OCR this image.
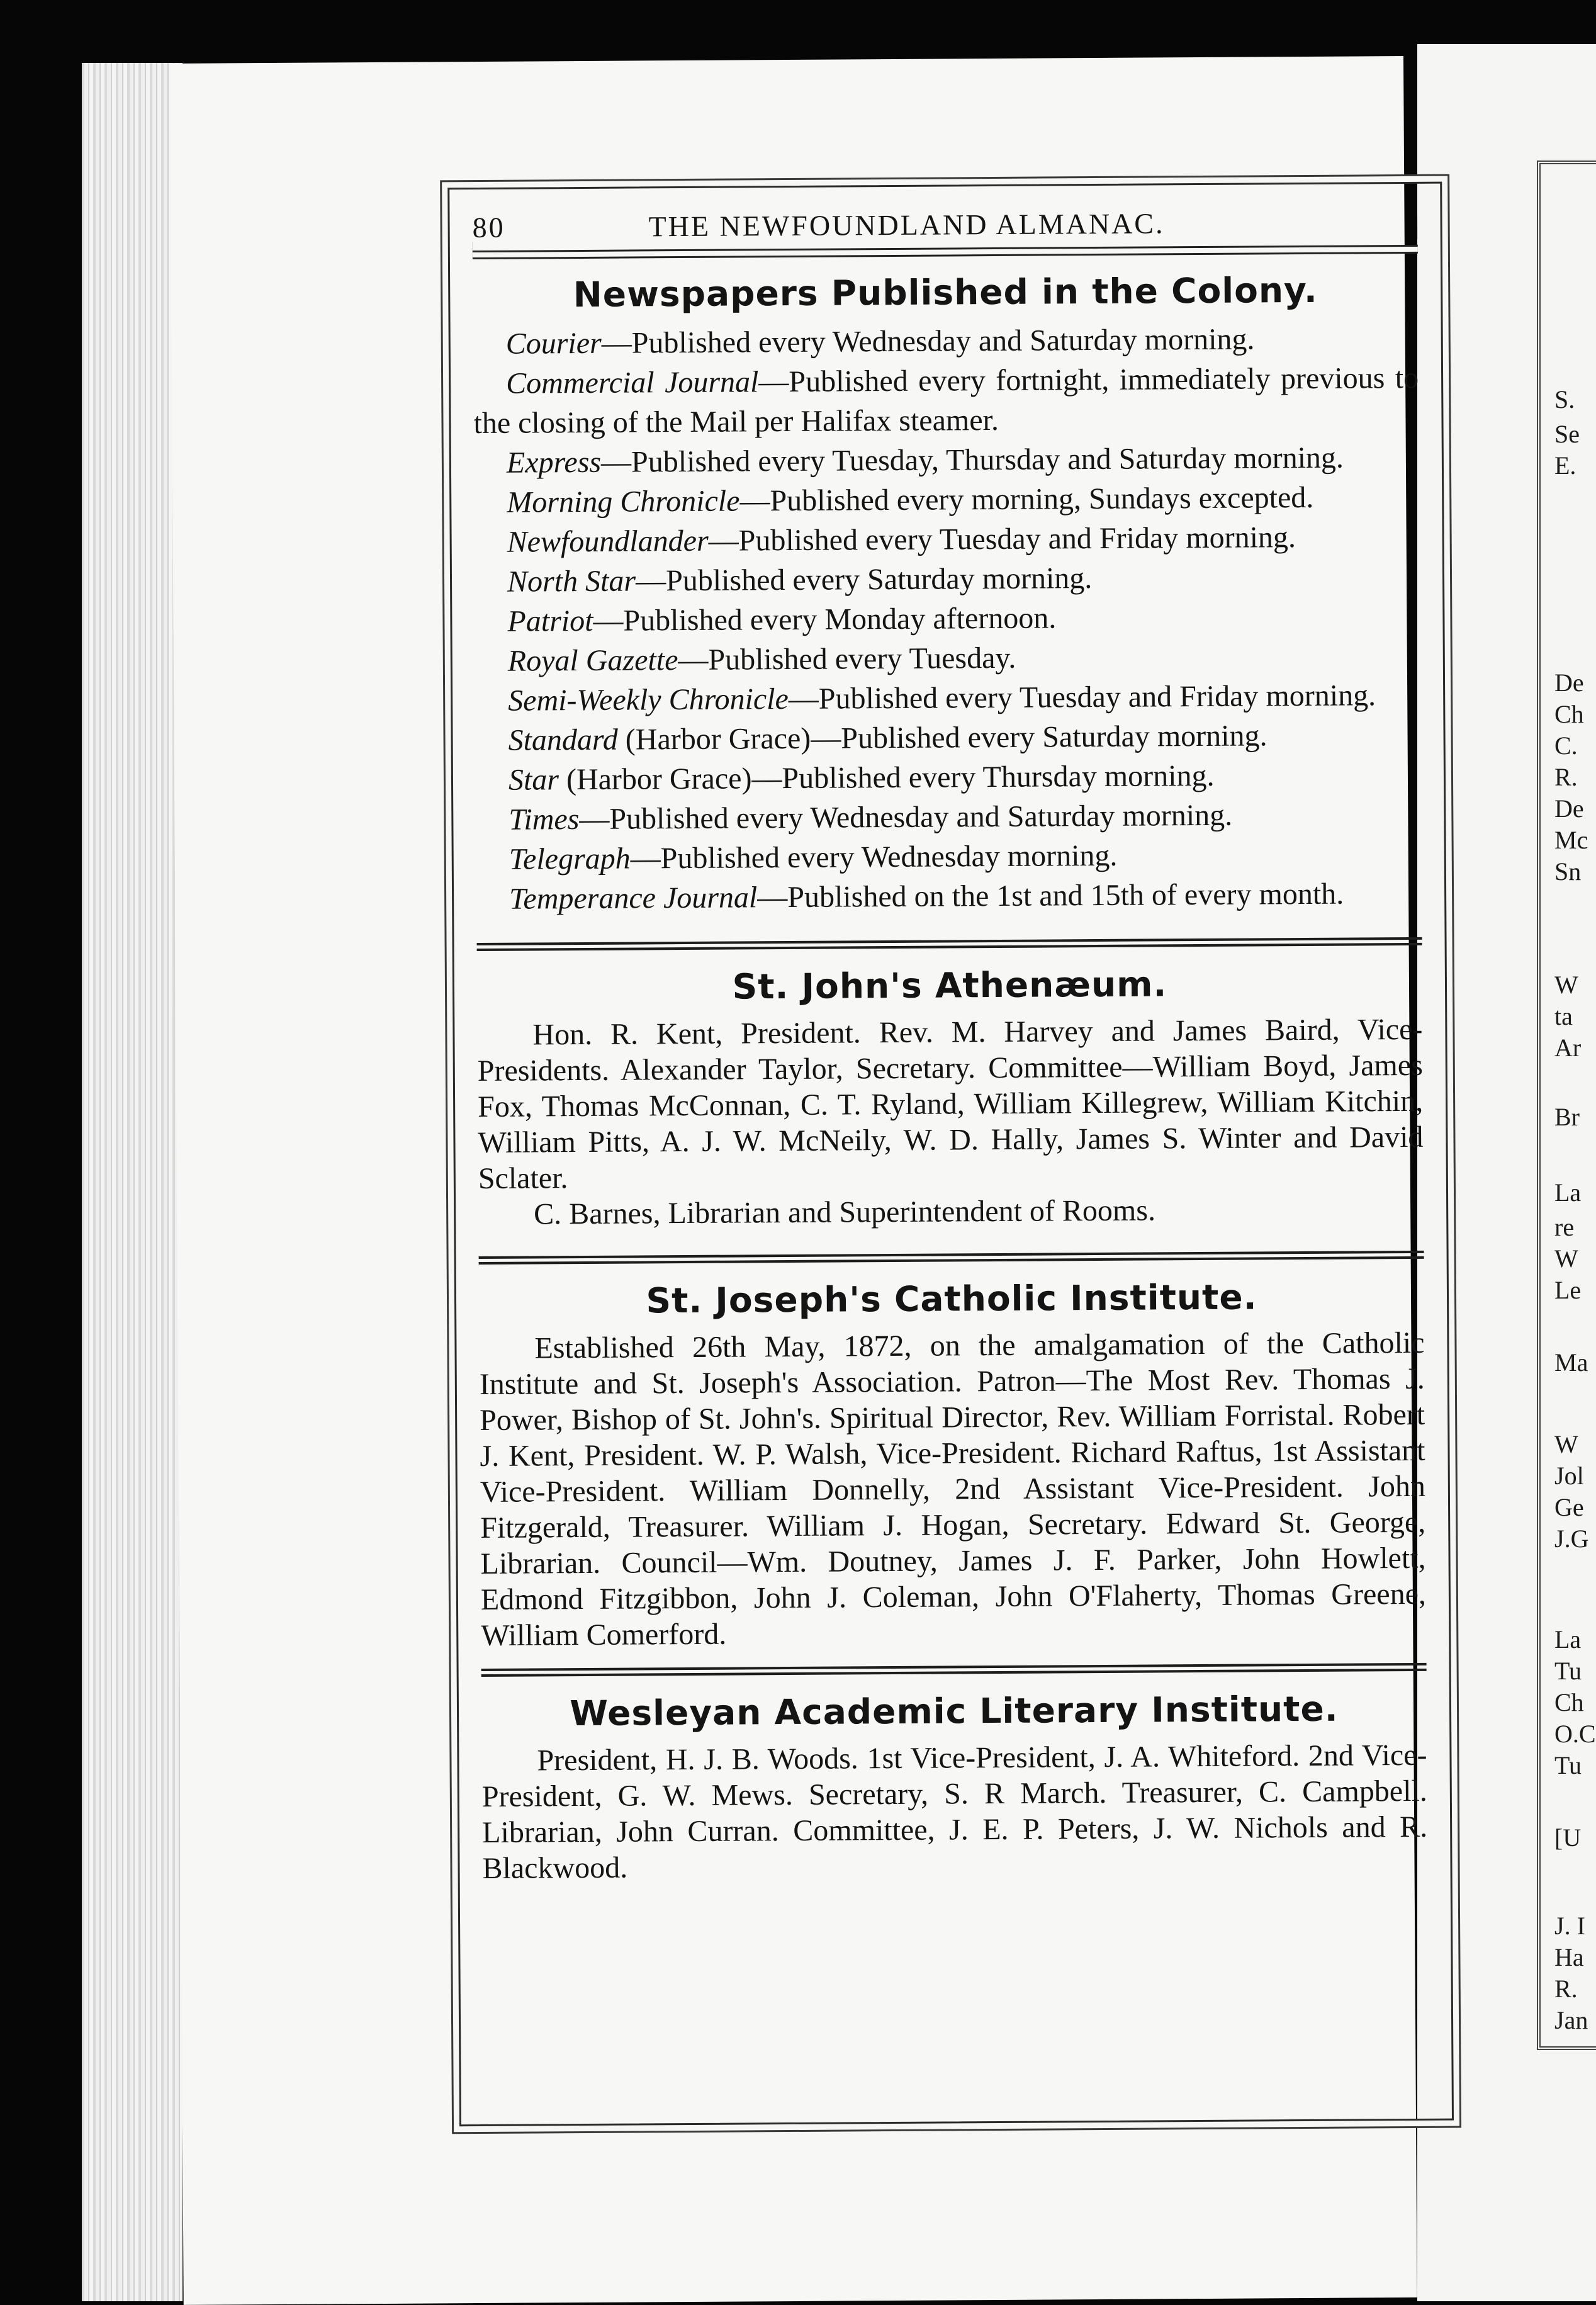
S.
Se
E.
De
Ch
C.
R.
De
Mc
Sn
W
ta
Ar
Br
La
re
W
Le
Ma
W
Jol
Ge
J.G
La
Tu
Ch
O.C
Tu
[U
J. I
Ha
R.
Jan
80	THE NEWFOUNDLAND ALMANAC.
Newspapers Published in the Colony.

Courier—Published every Wednesday and Saturday morning.

Commercial Journal—Published every fortnight, immediately previous to the closing of the Mail per Halifax steamer.

Express—Published every Tuesday, Thursday and Saturday morning.

Morning Chronicle—Published every morning, Sundays excepted.

Newfoundlander—Published every Tuesday and Friday morning.

North Star—Published every Saturday morning.

Patriot—Published every Monday afternoon.

Royal Gazette—Published every Tuesday.

Semi-Weekly Chronicle—Published every Tuesday and Friday morning.

Standard (Harbor Grace)—Published every Saturday morning.

Star (Harbor Grace)—Published every Thursday morning.

Times—Published every Wednesday and Saturday morning.

Telegraph—Published every Wednesday morning.

Temperance Journal—Published on the 1st and 15th of every month.

St. John's Athenæum.

Hon. R. Kent, President. Rev. M. Harvey and James Baird, Vice-Presidents. Alexander Taylor, Secretary. Committee—William Boyd, James Fox, Thomas McConnan, C. T. Ryland, William Killegrew, William Kitchin, William Pitts, A. J. W. McNeily, W. D. Hally, James S. Winter and David Sclater.

C. Barnes, Librarian and Superintendent of Rooms.

St. Joseph's Catholic Institute.

Established 26th May, 1872, on the amalgamation of the Catholic Institute and St. Joseph's Association. Patron—The Most Rev. Thomas J. Power, Bishop of St. John's. Spiritual Director, Rev. William Forristal. Robert J. Kent, President. W. P. Walsh, Vice-President. Richard Raftus, 1st Assistant Vice-President. William Donnelly, 2nd Assistant Vice-President. John Fitzgerald, Treasurer. William J. Hogan, Secretary. Edward St. George, Librarian. Council—Wm. Doutney, James J. F. Parker, John Howlett, Edmond Fitzgibbon, John J. Coleman, John O'Flaherty, Thomas Greene, William Comerford.

Wesleyan Academic Literary Institute.

President, H. J. B. Woods. 1st Vice-President, J. A. Whiteford. 2nd Vice-President, G. W. Mews. Secretary, S. R March. Treasurer, C. Campbell. Librarian, John Curran. Committee, J. E. P. Peters, J. W. Nichols and R. Blackwood.
